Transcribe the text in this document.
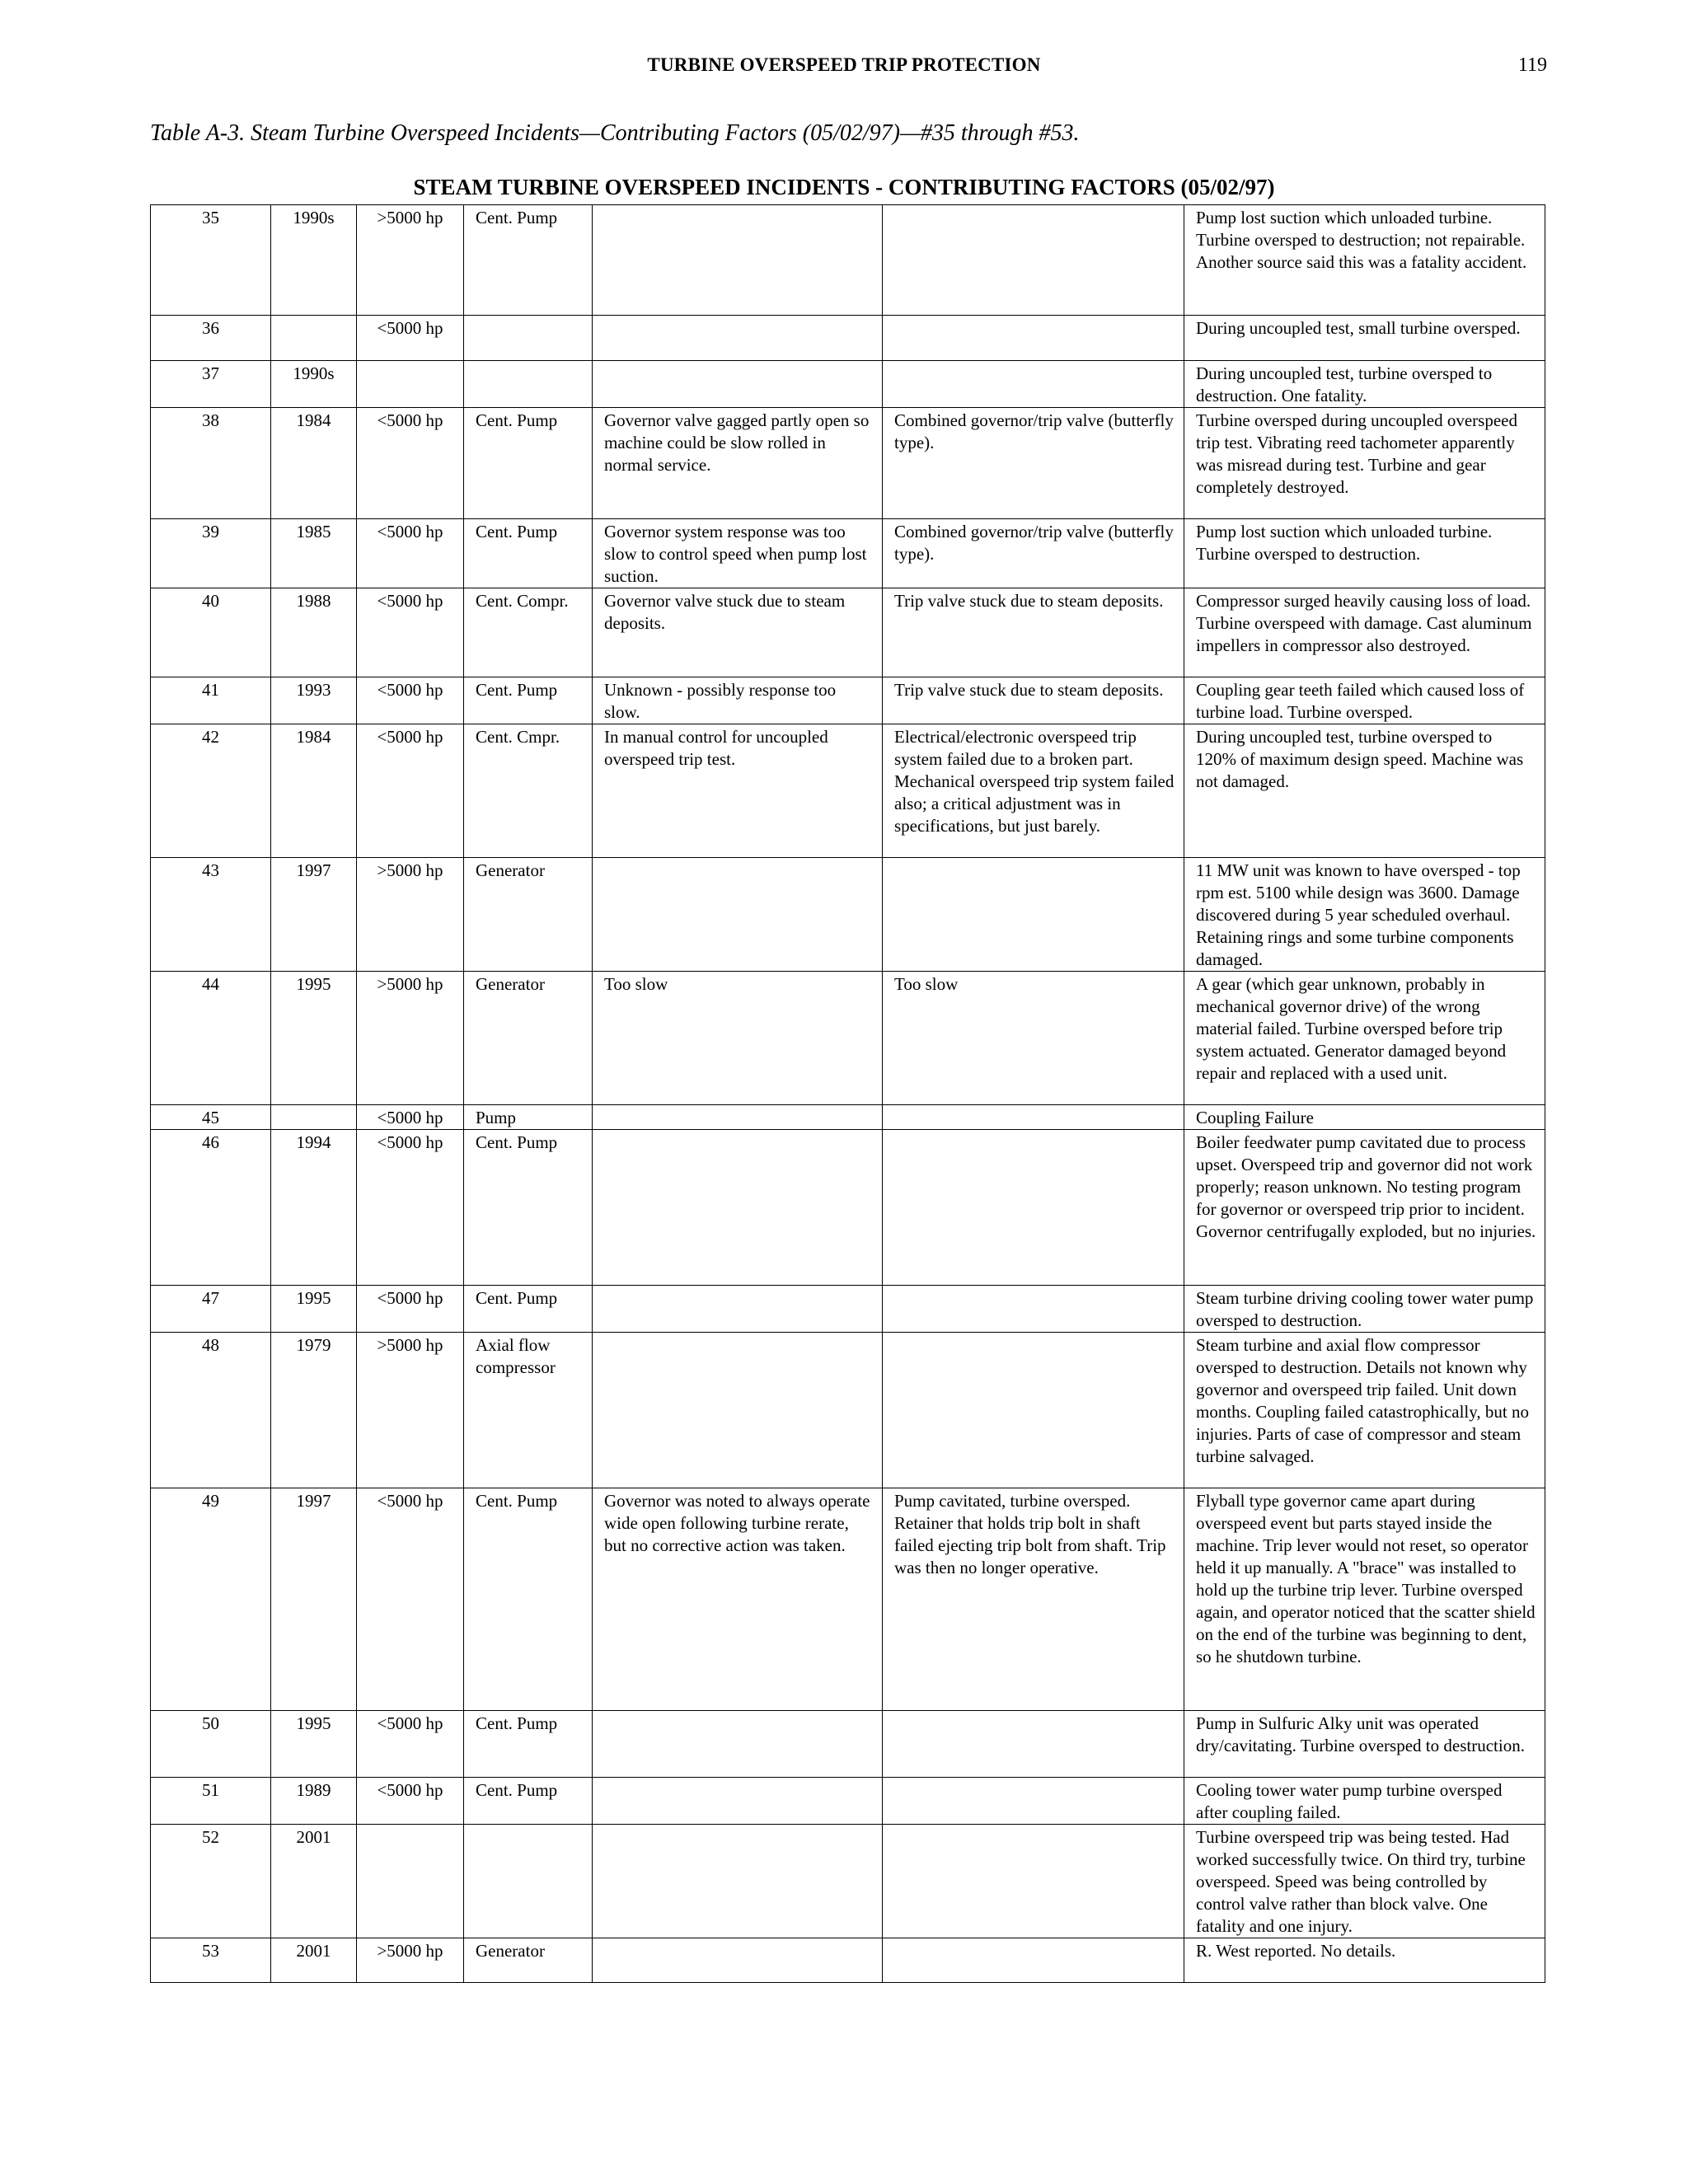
TURBINE OVERSPEED TRIP PROTECTION	119
Table A-3. Steam Turbine Overspeed Incidents—Contributing Factors (05/02/97)—#35 through #53.
STEAM TURBINE OVERSPEED INCIDENTS - CONTRIBUTING FACTORS (05/02/97)
35	1990s	>5000 hp	Cent. Pump			Pump lost suction which unloaded turbine. Turbine oversped to destruction; not repairable. Another source said this was a fatality accident.
36		<5000 hp				During uncoupled test, small turbine oversped.
37	1990s					During uncoupled test, turbine oversped to destruction. One fatality.
38	1984	<5000 hp	Cent. Pump	Governor valve gagged partly open so machine could be slow rolled in normal service.	Combined governor/trip valve (butterfly type).	Turbine oversped during uncoupled overspeed trip test. Vibrating reed tachometer apparently was misread during test. Turbine and gear completely destroyed.
39	1985	<5000 hp	Cent. Pump	Governor system response was too slow to control speed when pump lost suction.	Combined governor/trip valve (butterfly type).	Pump lost suction which unloaded turbine. Turbine oversped to destruction.
40	1988	<5000 hp	Cent. Compr.	Governor valve stuck due to steam deposits.	Trip valve stuck due to steam deposits.	Compressor surged heavily causing loss of load. Turbine overspeed with damage. Cast aluminum impellers in compressor also destroyed.
41	1993	<5000 hp	Cent. Pump	Unknown - possibly response too slow.	Trip valve stuck due to steam deposits.	Coupling gear teeth failed which caused loss of turbine load. Turbine oversped.
42	1984	<5000 hp	Cent. Cmpr.	In manual control for uncoupled overspeed trip test.	Electrical/electronic overspeed trip system failed due to a broken part. Mechanical overspeed trip system failed also; a critical adjustment was in specifications, but just barely.	During uncoupled test, turbine oversped to 120% of maximum design speed. Machine was not damaged.
43	1997	>5000 hp	Generator			11 MW unit was known to have oversped - top rpm est. 5100 while design was 3600. Damage discovered during 5 year scheduled overhaul. Retaining rings and some turbine components damaged.
44	1995	>5000 hp	Generator	Too slow	Too slow	A gear (which gear unknown, probably in mechanical governor drive) of the wrong material failed. Turbine oversped before trip system actuated. Generator damaged beyond repair and replaced with a used unit.
45		<5000 hp	Pump			Coupling Failure
46	1994	<5000 hp	Cent. Pump			Boiler feedwater pump cavitated due to process upset. Overspeed trip and governor did not work properly; reason unknown. No testing program for governor or overspeed trip prior to incident. Governor centrifugally exploded, but no injuries.
47	1995	<5000 hp	Cent. Pump			Steam turbine driving cooling tower water pump oversped to destruction.
48	1979	>5000 hp	Axial flow compressor			Steam turbine and axial flow compressor oversped to destruction. Details not known why governor and overspeed trip failed. Unit down months. Coupling failed catastrophically, but no injuries. Parts of case of compressor and steam turbine salvaged.
49	1997	<5000 hp	Cent. Pump	Governor was noted to always operate wide open following turbine rerate, but no corrective action was taken.	Pump cavitated, turbine oversped. Retainer that holds trip bolt in shaft failed ejecting trip bolt from shaft. Trip was then no longer operative.	Flyball type governor came apart during overspeed event but parts stayed inside the machine. Trip lever would not reset, so operator held it up manually. A "brace" was installed to hold up the turbine trip lever. Turbine oversped again, and operator noticed that the scatter shield on the end of the turbine was beginning to dent, so he shutdown turbine.
50	1995	<5000 hp	Cent. Pump			Pump in Sulfuric Alky unit was operated dry/cavitating. Turbine oversped to destruction.
51	1989	<5000 hp	Cent. Pump			Cooling tower water pump turbine oversped after coupling failed.
52	2001					Turbine overspeed trip was being tested. Had worked successfully twice. On third try, turbine overspeed. Speed was being controlled by control valve rather than block valve. One fatality and one injury.
53	2001	>5000 hp	Generator			R. West reported. No details.
